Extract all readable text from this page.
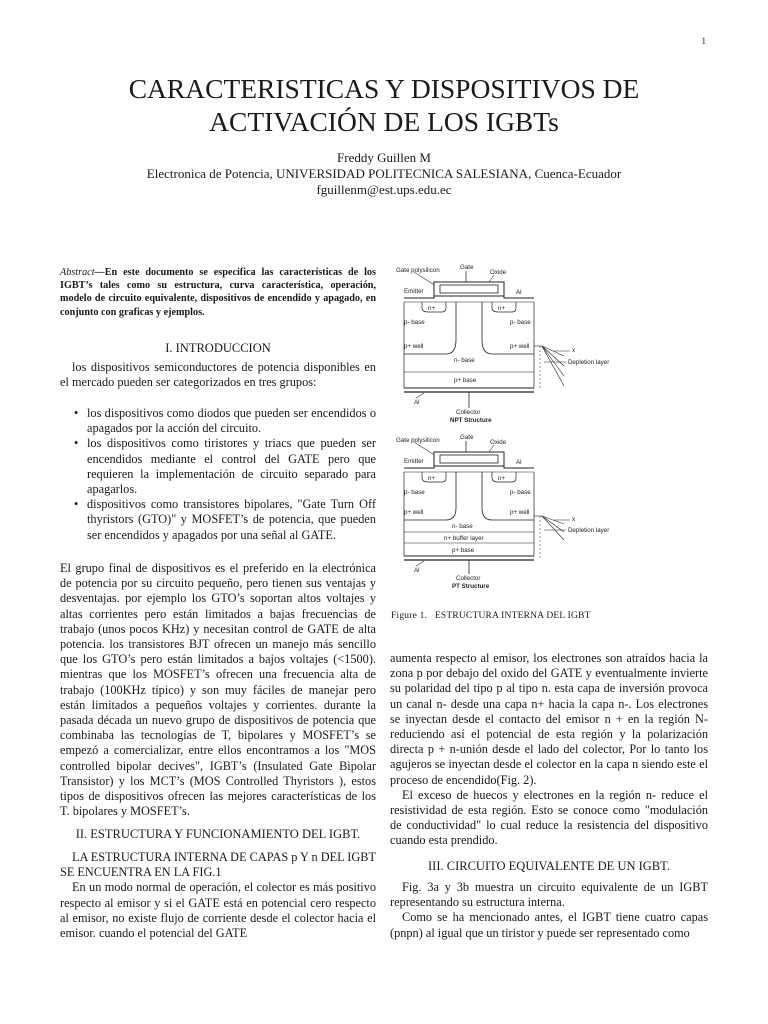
1
CARACTERISTICAS Y DISPOSITIVOS DE
ACTIVACIÓN DE LOS IGBTs
Freddy Guillen M
Electronica de Potencia, UNIVERSIDAD POLITECNICA SALESIANA, Cuenca-Ecuador
fguillenm@est.ups.edu.ec
Abstract—En este documento se especifica las características de los IGBT’s tales como su estructura, curva característica, operación, modelo de circuito equivalente, dispositivos de encendido y apagado, en conjunto con graficas y ejemplos.
I. INTRODUCCION

los dispositivos semiconductores de potencia disponibles en el mercado pueden ser categorizados en tres grupos:

• los dispositivos como diodos que pueden ser encendidos o apagados por la acción del circuito.
• los dispositivos como tiristores y triacs que pueden ser encendidos mediante el control del GATE pero que requieren la implementación de circuito separado para apagarlos.
• dispositivos como transistores bipolares, "Gate Turn Off thyristors (GTO)" y MOSFET’s de potencia, que pueden ser encendidos y apagados por una señal al GATE.

El grupo final de dispositivos es el preferido en la electrónica de potencia por su circuito pequeño, pero tienen sus ventajas y desventajas. por ejemplo los GTO’s soportan altos voltajes y altas corrientes pero están limitados a bajas frecuencias de trabajo (unos pocos KHz) y necesitan control de GATE de alta potencia. los transistores BJT ofrecen un manejo más sencillo que los GTO’s pero están limitados a bajos voltajes (<1500). mientras que los MOSFET’s ofrecen una frecuencia alta de trabajo (100KHz típico) y son muy fáciles de manejar pero están limitados a pequeños voltajes y corrientes. durante la pasada década un nuevo grupo de dispositivos de potencia que combinaba las tecnologías de T, bipolares y MOSFET’s se empezó a comercializar, entre ellos encontramos a los "MOS controlled bipolar decives", IGBT’s (Insulated Gate Bipolar Transistor) y los MCT’s (MOS Controlled Thyristors ), estos tipos de dispositivos ofrecen las mejores características de los T. bipolares y MOSFET’s.

II. ESTRUCTURA Y FUNCIONAMIENTO DEL IGBT.

LA ESTRUCTURA INTERNA DE CAPAS p Y n DEL IGBT SE ENCUENTRA EN LA FIG.1

En un modo normal de operación, el colector es más positivo respecto al emisor y si el GATE está en potencial cero respecto al emisor, no existe flujo de corriente desde el colector hacia el emisor. cuando el potencial del GATE

Gate polysilicon	Gate
Oxide
Emitter	Al
n+	n+
p- base	p- base
p+ well	p+ well
n- base
p+ base
Al
Collector
NPT Structure
x
Depletion layer
Gate polysilicon	Gate
Oxide
Emitter	Al
n+	n+
p- base	p- base
p+ well	p+ well
n- base
n+ buffer layer
p+ base
Al
Collector
PT Structure
x
Depletion layer
Figure 1. ESTRUCTURA INTERNA DEL IGBT

aumenta respecto al emisor, los electrones son atraídos hacia la zona p por debajo del oxido del GATE y eventualmente invierte su polaridad del tipo p al tipo n. esta capa de inversión provoca un canal n- desde una capa n+ hacia la capa n-. Los electrones se inyectan desde el contacto del emisor n + en la región N-reduciendo así el potencial de esta región y la polarización directa p + n-unión desde el lado del colector, Por lo tanto los agujeros se inyectan desde el colector en la capa n siendo este el proceso de encendido(Fig. 2).

El exceso de huecos y electrones en la región n- reduce el resistividad de esta región. Esto se conoce como "modulación de conductividad" lo cual reduce la resistencia del dispositivo cuando esta prendido.

III. CIRCUITO EQUIVALENTE DE UN IGBT.

Fig. 3a y 3b muestra un circuito equivalente de un IGBT representando su estructura interna.

Como se ha mencionado antes, el IGBT tiene cuatro capas (pnpn) al igual que un tiristor y puede ser representado como
